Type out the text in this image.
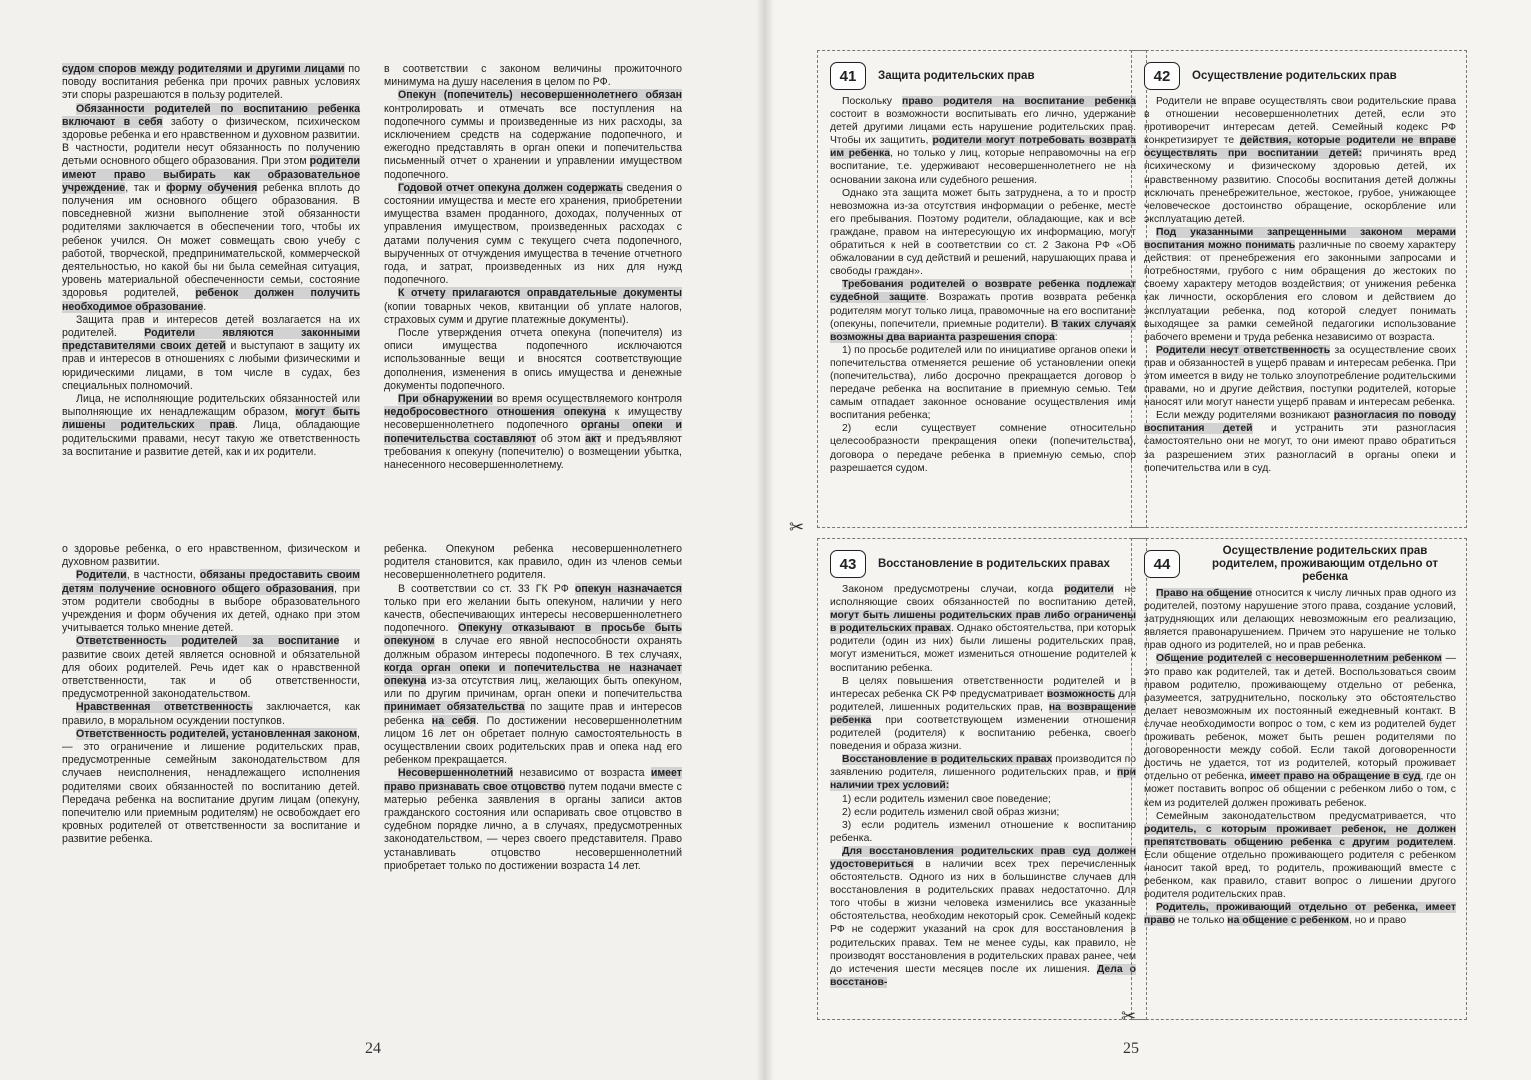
судом споров между родителями и другими лицами по поводу воспитания ребенка при прочих равных условиях эти споры разрешаются в пользу родителей.

Обязанности родителей по воспитанию ребенка включают в себя заботу о физическом, психическом здоровье ребенка и его нравственном и духовном развитии. В частности, родители несут обязанность по получению детьми основного общего образования. При этом родители имеют право выбирать как образовательное учреждение, так и форму обучения ребенка вплоть до получения им основного общего образования. В повседневной жизни выполнение этой обязанности родителями заключается в обеспечении того, чтобы их ребенок учился. Он может совмещать свою учебу с работой, творческой, предпринимательской, коммерческой деятельностью, но какой бы ни была семейная ситуация, уровень материальной обеспеченности семьи, состояние здоровья родителей, ребенок должен получить необходимое образование.

Защита прав и интересов детей возлагается на их родителей. Родители являются законными представителями своих детей и выступают в защиту их прав и интересов в отношениях с любыми физическими и юридическими лицами, в том числе в судах, без специальных полномочий.

Лица, не исполняющие родительских обязанностей или выполняющие их ненадлежащим образом, могут быть лишены родительских прав. Лица, обладающие родительскими правами, несут такую же ответственность за воспитание и развитие детей, как и их родители.

в соответствии с законом величины прожиточного минимума на душу населения в целом по РФ.

Опекун (попечитель) несовершеннолетнего обязан контролировать и отмечать все поступления на подопечного суммы и произведенные из них расходы, за исключением средств на содержание подопечного, и ежегодно представлять в орган опеки и попечительства письменный отчет о хранении и управлении имуществом подопечного.

Годовой отчет опекуна должен содержать сведения о состоянии имущества и месте его хранения, приобретении имущества взамен проданного, доходах, полученных от управления имуществом, произведенных расходах с датами получения сумм с текущего счета подопечного, вырученных от отчуждения имущества в течение отчетного года, и затрат, произведенных из них для нужд подопечного.

К отчету прилагаются оправдательные документы (копии товарных чеков, квитанции об уплате налогов, страховых сумм и другие платежные документы).

После утверждения отчета опекуна (попечителя) из описи имущества подопечного исключаются использованные вещи и вносятся соответствующие дополнения, изменения в опись имущества и денежные документы подопечного.

При обнаружении во время осуществляемого контроля недобросовестного отношения опекуна к имуществу несовершеннолетнего подопечного органы опеки и попечительства составляют об этом акт и предъявляют требования к опекуну (попечителю) о возмещении убытка, нанесенного несовершеннолетнему.

о здоровье ребенка, о его нравственном, физическом и духовном развитии.

Родители, в частности, обязаны предоставить своим детям получение основного общего образования, при этом родители свободны в выборе образовательного учреждения и форм обучения их детей, однако при этом учитывается только мнение детей.

Ответственность родителей за воспитание и развитие своих детей является основной и обязательной для обоих родителей. Речь идет как о нравственной ответственности, так и об ответственности, предусмотренной законодательством.

Нравственная ответственность заключается, как правило, в моральном осуждении поступков.

Ответственность родителей, установленная законом, — это ограничение и лишение родительских прав, предусмотренные семейным законодательством для случаев неисполнения, ненадлежащего исполнения родителями своих обязанностей по воспитанию детей. Передача ребенка на воспитание другим лицам (опекуну, попечителю или приемным родителям) не освобождает его кровных родителей от ответственности за воспитание и развитие ребенка.

ребенка. Опекуном ребенка несовершеннолетнего родителя становится, как правило, один из членов семьи несовершеннолетнего родителя.

В соответствии со ст. 33 ГК РФ опекун назначается только при его желании быть опекуном, наличии у него качеств, обеспечивающих интересы несовершеннолетнего подопечного. Опекуну отказывают в просьбе быть опекуном в случае его явной неспособности охранять должным образом интересы подопечного. В тех случаях, когда орган опеки и попечительства не назначает опекуна из-за отсутствия лиц, желающих быть опекуном, или по другим причинам, орган опеки и попечительства принимает обязательства по защите прав и интересов ребенка на себя. По достижении несовершеннолетним лицом 16 лет он обретает полную самостоятельность в осуществлении своих родительских прав и опека над его ребенком прекращается.

Несовершеннолетний независимо от возраста имеет право признавать свое отцовство путем подачи вместе с матерью ребенка заявления в органы записи актов гражданского состояния или оспаривать свое отцовство в судебном порядке лично, а в случаях, предусмотренных законодательством, — через своего представителя. Право устанавливать отцовство несовершеннолетний приобретает только по достижении возраста 14 лет.

24
41	Защита родительских прав

Поскольку право родителя на воспитание ребенка состоит в возможности воспитывать его лично, удержание детей другими лицами есть нарушение родительских прав. Чтобы их защитить, родители могут потребовать возврата им ребенка, но только у лиц, которые неправомочны на его воспитание, т.е. удерживают несовершеннолетнего не на основании закона или судебного решения.

Однако эта защита может быть затруднена, а то и просто невозможна из-за отсутствия информации о ребенке, месте его пребывания. Поэтому родители, обладающие, как и все граждане, правом на интересующую их информацию, могут обратиться к ней в соответствии со ст. 2 Закона РФ «Об обжаловании в суд действий и решений, нарушающих права и свободы граждан».

Требования родителей о возврате ребенка подлежат судебной защите. Возражать против возврата ребенка родителям могут только лица, правомочные на его воспитание (опекуны, попечители, приемные родители). В таких случаях возможны два варианта разрешения спора:

1) по просьбе родителей или по инициативе органов опеки и попечительства отменяется решение об установлении опеки (попечительства), либо досрочно прекращается договор о передаче ребенка на воспитание в приемную семью. Тем самым отпадает законное основание осуществления ими воспитания ребенка;

2) если существует сомнение относительно целесообразности прекращения опеки (попечительства), договора о передаче ребенка в приемную семью, спор разрешается судом.

42	Осуществление родительских прав

Родители не вправе осуществлять свои родительские права в отношении несовершеннолетних детей, если это противоречит интересам детей. Семейный кодекс РФ конкретизирует те действия, которые родители не вправе осуществлять при воспитании детей: причинять вред психическому и физическому здоровью детей, их нравственному развитию. Способы воспитания детей должны исключать пренебрежительное, жестокое, грубое, унижающее человеческое достоинство обращение, оскорбление или эксплуатацию детей.

Под указанными запрещенными законом мерами воспитания можно понимать различные по своему характеру действия: от пренебрежения его законными запросами и потребностями, грубого с ним обращения до жестоких по своему характеру методов воздействия; от унижения ребенка как личности, оскорбления его словом и действием до эксплуатации ребенка, под которой следует понимать выходящее за рамки семейной педагогики использование рабочего времени и труда ребенка независимо от возраста.

Родители несут ответственность за осуществление своих прав и обязанностей в ущерб правам и интересам ребенка. При этом имеется в виду не только злоупотребление родительскими правами, но и другие действия, поступки родителей, которые наносят или могут нанести ущерб правам и интересам ребенка.

Если между родителями возникают разногласия по поводу воспитания детей и устранить эти разногласия самостоятельно они не могут, то они имеют право обратиться за разрешением этих разногласий в органы опеки и попечительства или в суд.

43	Восстановление в родительских правах

Законом предусмотрены случаи, когда родители не исполняющие своих обязанностей по воспитанию детей, могут быть лишены родительских прав либо ограничены в родительских правах. Однако обстоятельства, при которых родители (один из них) были лишены родительских прав, могут измениться, может измениться отношение родителей к воспитанию ребенка.

В целях повышения ответственности родителей и в интересах ребенка СК РФ предусматривает возможность для родителей, лишенных родительских прав, на возвращение ребенка при соответствующем изменении отношения родителей (родителя) к воспитанию ребенка, своего поведения и образа жизни.

Восстановление в родительских правах производится по заявлению родителя, лишенного родительских прав, и при наличии трех условий:

1) если родитель изменил свое поведение;

2) если родитель изменил свой образ жизни;

3) если родитель изменил отношение к воспитанию ребенка.

Для восстановления родительских прав суд должен удостовериться в наличии всех трех перечисленных обстоятельств. Одного из них в большинстве случаев для восстановления в родительских правах недостаточно. Для того чтобы в жизни человека изменились все указанные обстоятельства, необходим некоторый срок. Семейный кодекс РФ не содержит указаний на срок для восстановления в родительских правах. Тем не менее суды, как правило, не производят восстановления в родительских правах ранее, чем до истечения шести месяцев после их лишения. Дела о восстанов-

44
Осуществление родительских прав родителем, проживающим отдельно от ребенка

Право на общение относится к числу личных прав одного из родителей, поэтому нарушение этого права, создание условий, затрудняющих или делающих невозможным его реализацию, является правонарушением. Причем это нарушение не только прав одного из родителей, но и прав ребенка.

Общение родителей с несовершеннолетним ребенком — это право как родителей, так и детей. Воспользоваться своим правом родителю, проживающему отдельно от ребенка, разумеется, затруднительно, поскольку это обстоятельство делает невозможным их постоянный ежедневный контакт. В случае необходимости вопрос о том, с кем из родителей будет проживать ребенок, может быть решен родителями по договоренности между собой. Если такой договоренности достичь не удается, тот из родителей, который проживает отдельно от ребенка, имеет право на обращение в суд, где он может поставить вопрос об общении с ребенком либо о том, с кем из родителей должен проживать ребенок.

Семейным законодательством предусматривается, что родитель, с которым проживает ребенок, не должен препятствовать общению ребенка с другим родителем. Если общение отдельно проживающего родителя с ребенком наносит такой вред, то родитель, проживающий вместе с ребенком, как правило, ставит вопрос о лишении другого родителя родительских прав.

Родитель, проживающий отдельно от ребенка, имеет право не только на общение с ребенком, но и право

✂
✂
25
